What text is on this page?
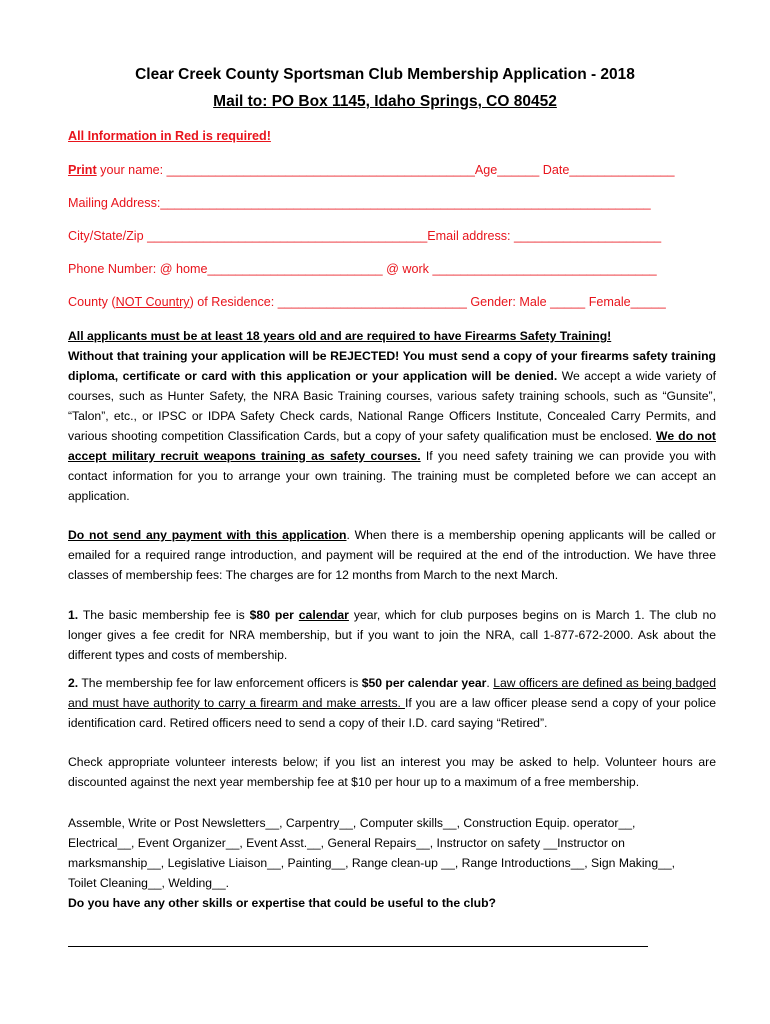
Clear Creek County Sportsman Club Membership Application - 2018
Mail to: PO Box 1145, Idaho Springs, CO 80452
All Information in Red is required!
Print your name: ____________________________________________Age______ Date_______________
Mailing Address:______________________________________________________________________
City/State/Zip ________________________________________Email address: _____________________
Phone Number: @ home_________________________ @ work ________________________________
County (NOT Country) of Residence: ___________________________ Gender: Male _____ Female_____
All applicants must be at least 18 years old and are required to have Firearms Safety Training!
Without that training your application will be REJECTED! You must send a copy of your firearms safety training diploma, certificate or card with this application or your application will be denied. We accept a wide variety of courses, such as Hunter Safety, the NRA Basic Training courses, various safety training schools, such as “Gunsite”, “Talon”, etc., or IPSC or IDPA Safety Check cards, National Range Officers Institute, Concealed Carry Permits, and various shooting competition Classification Cards, but a copy of your safety qualification must be enclosed. We do not accept military recruit weapons training as safety courses. If you need safety training we can provide you with contact information for you to arrange your own training. The training must be completed before we can accept an application.
Do not send any payment with this application. When there is a membership opening applicants will be called or emailed for a required range introduction, and payment will be required at the end of the introduction. We have three classes of membership fees: The charges are for 12 months from March to the next March.
1. The basic membership fee is $80 per calendar year, which for club purposes begins on is March 1. The club no longer gives a fee credit for NRA membership, but if you want to join the NRA, call 1-877-672-2000. Ask about the different types and costs of membership.
2. The membership fee for law enforcement officers is $50 per calendar year. Law officers are defined as being badged and must have authority to carry a firearm and make arrests. If you are a law officer please send a copy of your police identification card. Retired officers need to send a copy of their I.D. card saying “Retired”.
Check appropriate volunteer interests below; if you list an interest you may be asked to help. Volunteer hours are discounted against the next year membership fee at $10 per hour up to a maximum of a free membership.
Assemble, Write or Post Newsletters__, Carpentry__, Computer skills__, Construction Equip. operator__,
Electrical__, Event Organizer__, Event Asst.__, General Repairs__, Instructor on safety __Instructor on
marksmanship__, Legislative Liaison__, Painting__, Range clean-up __, Range Introductions__, Sign Making__,
Toilet Cleaning__, Welding__.
Do you have any other skills or expertise that could be useful to the club?
